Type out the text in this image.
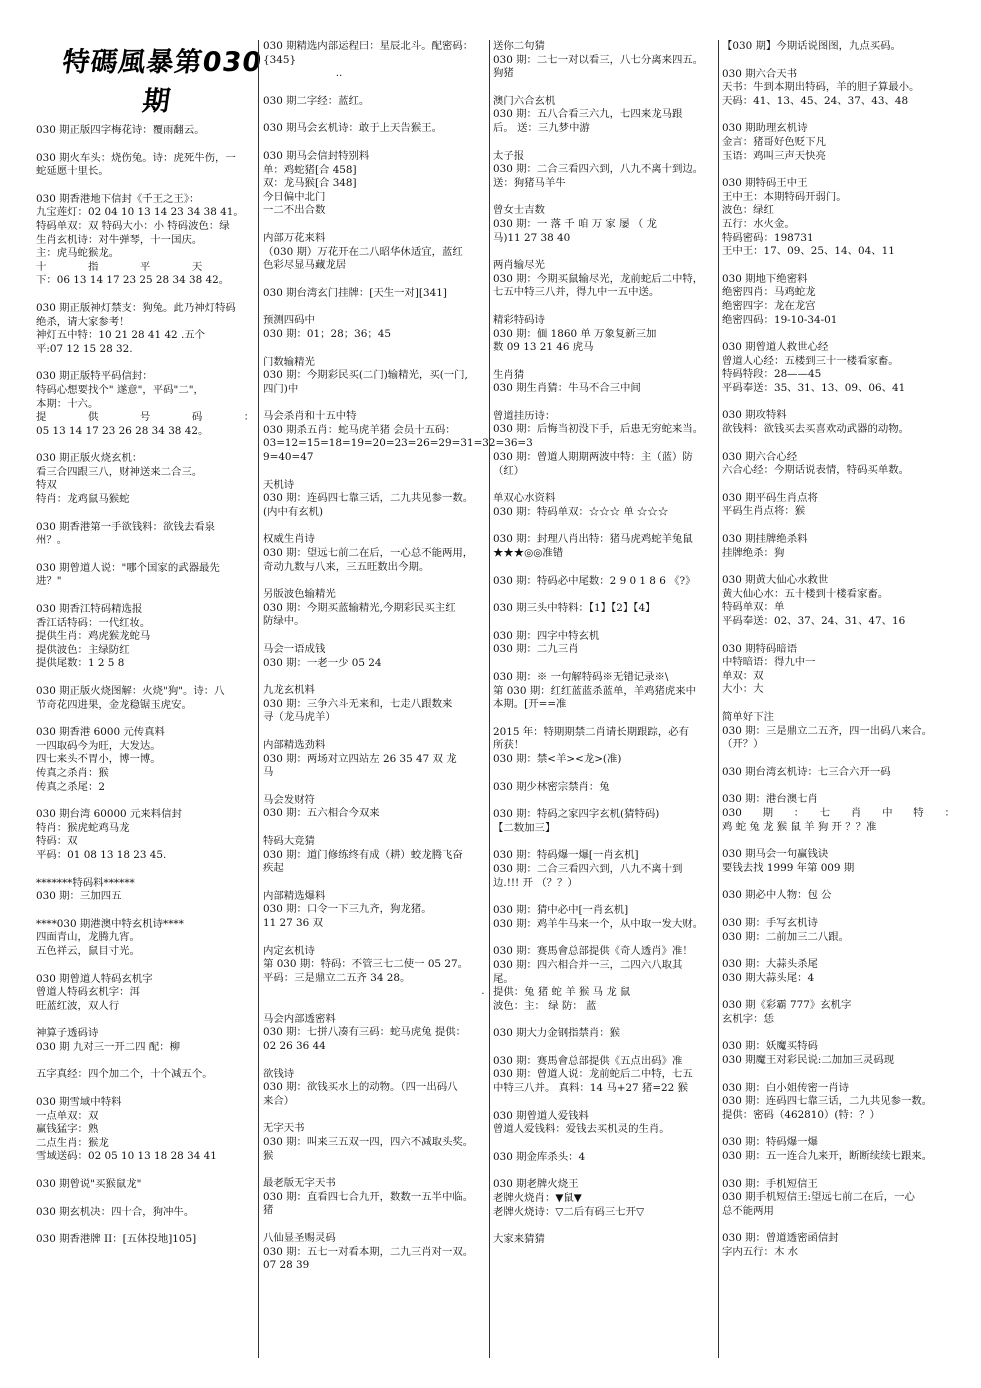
特碼風暴第030期
030 期正版四字梅花诗：覆雨翻云。
030 期火车头：烧伤兔。诗：虎死牛伤，一
蛇延愿十里长。
030 期香港地下信封《千王之王》：
九宝莲灯：02 04 10 13 14 23 34 38 41。
特码单双：双 特码大小：小 特码波色：绿
生肖玄机诗：对牛弹琴，十一国庆。
主：虎马蛇猴龙。
十　　　　指　　　　平　　　　天
下：06 13 14 17 23 25 28 34 38 42。
030 期正版神灯禁支：狗兔。此乃神灯特码
绝杀，请大家参考！
神灯五中特：10 21 28 41 42 .五个
平:07 12 15 28 32.
030 期正版特平码信封：
特码心想要找个" 遂意"，平码"二"，
本期：十六。
提　　　　供　　　　号　　　　码　　　　：
05 13 14 17 23 26 28 34 38 42。
030 期正版火烧玄机：
看三合四跟三八，财神送来二合三。
特双
特肖：龙鸡鼠马猴蛇
030 期香港第一手欲钱料：欲钱去看泉
州？。
030 期曾道人说："哪个国家的武器最先
进？"
030 期香江特码精选报
香江话特码：一代红妆。
提供生肖：鸡虎猴龙蛇马
提供波色：主绿防红
提供尾数：1 2 5 8
030 期正版火烧图解：火烧"狗"。诗：八
节奇花四进果，金龙稳锯玉虎安。
030 期香港 6000 元传真料
一四取码今为旺，大发达。
四七来头不胃小，博一博。
传真之杀肖：猴
传真之杀尾：2
030 期台湾 60000 元来料信封
特肖：猴虎蛇鸡马龙
特码：双
平码：01 08 13 18 23 45.
*******特码料******
030 期：三加四五
****030 期港澳中特玄机诗****
四面青山，龙腾九宵。
五色祥云，鼠目寸光。
030 期曾道人特码玄机字
曾道人特码玄机字：洱
旺蓝红波，双人行
神算子透码诗
030 期 九对三一开二四 配：柳
五字真经：四个加二个，十个减五个。
030 期雪域中特料
一点单双：双
赢钱猛字：熟
二点生肖：猴龙
雪域送码：02 05 10 13 18 28 34 41
030 期曾说"买猴鼠龙"
030 期玄机决：四十合，狗冲牛。
030 期香港牌 II：[五体投地]105]
030 期精选内部运程曰：星辰北斗。配密码：
{345}
　　　　　　　..
030 期二字经：蓝红。
030 期马会玄机诗：敢于上天告猴王。
030 期马会信封特别料
单：鸡蛇猪[合 458]
双：龙马猴[合 348]
今日偏中北门
一二不出合数
内部万花来料
（030 期）万花开在二八昭华休适宜，蓝红
色彩尽显马藏龙居
030 期台湾玄门挂牌：[天生一对][341]
预测四码中
030 期：01；28；36；45
门数输精光
030 期：今期彩民买(二门)输精光，买(一门,
四门)中
马会杀肖和十五中特
030 期杀五肖：蛇马虎羊猪 会员十五码：
03=12=15=18=19=20=23=26=29=31=32=36=3
9=40=47
天机诗
030 期：连码四七靠三话，二九共见参一数。
(内中有玄机)
权威生肖诗
030 期：望远七前二在后，一心总不能两用，
奇动九数与八来，三五旺数出今期。
另版波色输精光
030 期：今期买蓝输精光,今期彩民买主红
防绿中。
马会一语成钱
030 期：一老一少 05 24
九龙玄机料
030 期：三争六斗无来和，七走八跟数来
寻（龙马虎羊）
内部精选劲料
030 期：两场对立四站左 26 35 47 双 龙
马
马会发财符
030 期：五六相合今双来
特码大竞猜
030 期：道门修练终有成（耕）蛟龙腾飞奋
疾起
内部精选爆料
030 期：口令一下三九齐，狗龙猪。
11 27 36 双
内定玄机诗
第 030 期：特码：不管三七二使一 05 27。
平码：三是鼎立二五齐 34 28。
　　　　　　　　　　　　　　　　　　　　　.
马会内部透密料
030 期：七拼八凑有三码：蛇马虎兔 提供：
02 26 36 44
欲钱诗
030 期：欲钱买水上的动物。（四一出码八
来合）
无字天书
030 期：叫来三五双一四，四六不减取头奖。
猴
最老版无字天书
030 期：直看四七合九开，数数一五半中临。
猪
八仙显圣赐灵码
030 期：五七一对看本期，二九三肖对一双。
07 28 39
送你二句猜
030 期：二七一对以看三，八七分离来四五。
狗猪
澳门六合玄机
030 期：五八合看三六九，七四来龙马跟
后。 送：三九梦中游
太子报
030 期：二合三看四六到，八九不离十到边。
送：狗猪马羊牛
曾女士吉数
030 期：一 落 千 咱 万 家 屡 （ 龙
马)11 27 38 40
两肖输尽光
030 期：今期买鼠输尽光，龙前蛇后二中特，
七五中特三八并，得九中一五中送。
精彩特码诗
030 期：偭 1860 单 万象复新三加
数 09 13 21 46 虎马
生肖猜
030 期生肖猜：牛马不合三中间
曾道挂历诗：
030 期：后悔当初没下手，后患无穷蛇来当。
030 期：曾道人期期两波中特：主（蓝）防
（红）
单双心水资料
030 期：特码单双：☆☆☆ 单 ☆☆☆
030 期：封理八肖出特：猪马虎鸡蛇羊兔鼠
★★★◎◎准错
030 期：特码必中尾数：2 9 0 1 8 6 《?》
030 期三头中特料：【1】【2】【4】
030 期：四字中特玄机
030 期：二九三肖
030 期：※ 一句解特码※无错记录※\
第 030 期：红红蓝蓝杀蓝单，羊鸡猪虎来中
本期。[开==准
2015 年：特期期禁二肖请长期跟踪，必有
所获！
030 期：禁<羊><龙>(准)
030 期少林密宗禁肖：兔
030 期：特码之家四字玄机(猜特码)
【二数加三】
030 期：特码爆一爆[一肖玄机]
030 期：二合三看四六到，八九不离十到
边.!!! 开 （？？）
030 期：猜中必中[一肖玄机]
030 期：鸡羊牛马来一个，从中取一发大财。
030 期：赛馬會总部提供《奇人透肖》准！
030 期：四六相合并一三，二四六八取其
尾。
提供：兔 猪 蛇 羊 猴 马 龙 鼠
波色：主： 绿 防： 蓝
030 期大力金钢指禁肖：猴
030 期：赛馬會总部提供《五点出码》准
030 期：曾道人说：龙前蛇后二中特，七五
中特三八并。 真料：14 马+27 猪=22 猴
030 期曾道人爱钱料
曾道人爱钱料：爱钱去买机灵的生肖。
030 期金库杀头：4
030 期老牌火烧王
老牌火烧肖：▼鼠▼
老牌火烧诗：▽二后有码三七开▽
大家来猜猜
【030 期】今期话说图图，九点买码。
030 期六合天书
天书：牛到本期出特码，羊的胆子算最小。
天码：41、13、45、24、37、43、48
030 期助理玄机诗
金言：猪哥好色贬下凡
玉语：鸡叫三声天快亮
030 期特码王中王
王中王：本期特码开弱门。
波色：绿红
五行：水火金。
特码密码：198731
王中王：17、09、25、14、04、11
030 期地下绝密料
绝密四肖：马鸡蛇龙
绝密四字：龙在龙宫
绝密四码：19-10-34-01
030 期曾道人救世心经
曾道人心经：五楼到三十一楼看家畜。
特码特段：28——45
平码奉送：35、31、13、09、06、41
030 期攻特料
欲钱料：欲钱买去买喜欢动武器的动物。
030 期六合心经
六合心经：今期话说表情，特码买单数。
030 期平码生肖点将
平码生肖点将：猴
030 期挂牌绝杀料
挂牌绝杀：狗
030 期黄大仙心水救世
黄大仙心水：五十楼到十楼看家畜。
特码单双：单
平码奉送：02、37、24、31、47、16
030 期特码暗语
中特暗语：得九中一
单双：双
大小：大
简单好下注
030 期：三是鼎立二五齐，四一出码八来合。
（开？）
030 期台湾玄机诗：七三合六开一码
030 期：港台澳七肖
030　　期　　：　　七　　肖　　中　　特　　：
鸡 蛇 兔 龙 猴 鼠 羊 狗 开 ？？准
030 期马会一句赢钱诀
要钱去找 1999 年第 009 期
030 期必中人物：包 公
030 期：手写玄机诗
030 期：二前加三二八跟。
030 期：大蒜头杀尾
030 期大蒜头尾：4
030 期《彩霸 777》玄机字
玄机字：恁
030 期：妖魔买特码
030 期魔王对彩民说:二加加三灵码现
030 期：白小姐传密一肖诗
030 期：连码四七靠三话，二九共见参一数。
提供：密码（462810）(特：？）
030 期：特码爆一爆
030 期：五一连合九来开，断断续续七跟来。
030 期：手机短信王
030 期手机短信王:望远七前二在后，一心
总不能两用
030 期：曾道透密函信封
字内五行：木 水
